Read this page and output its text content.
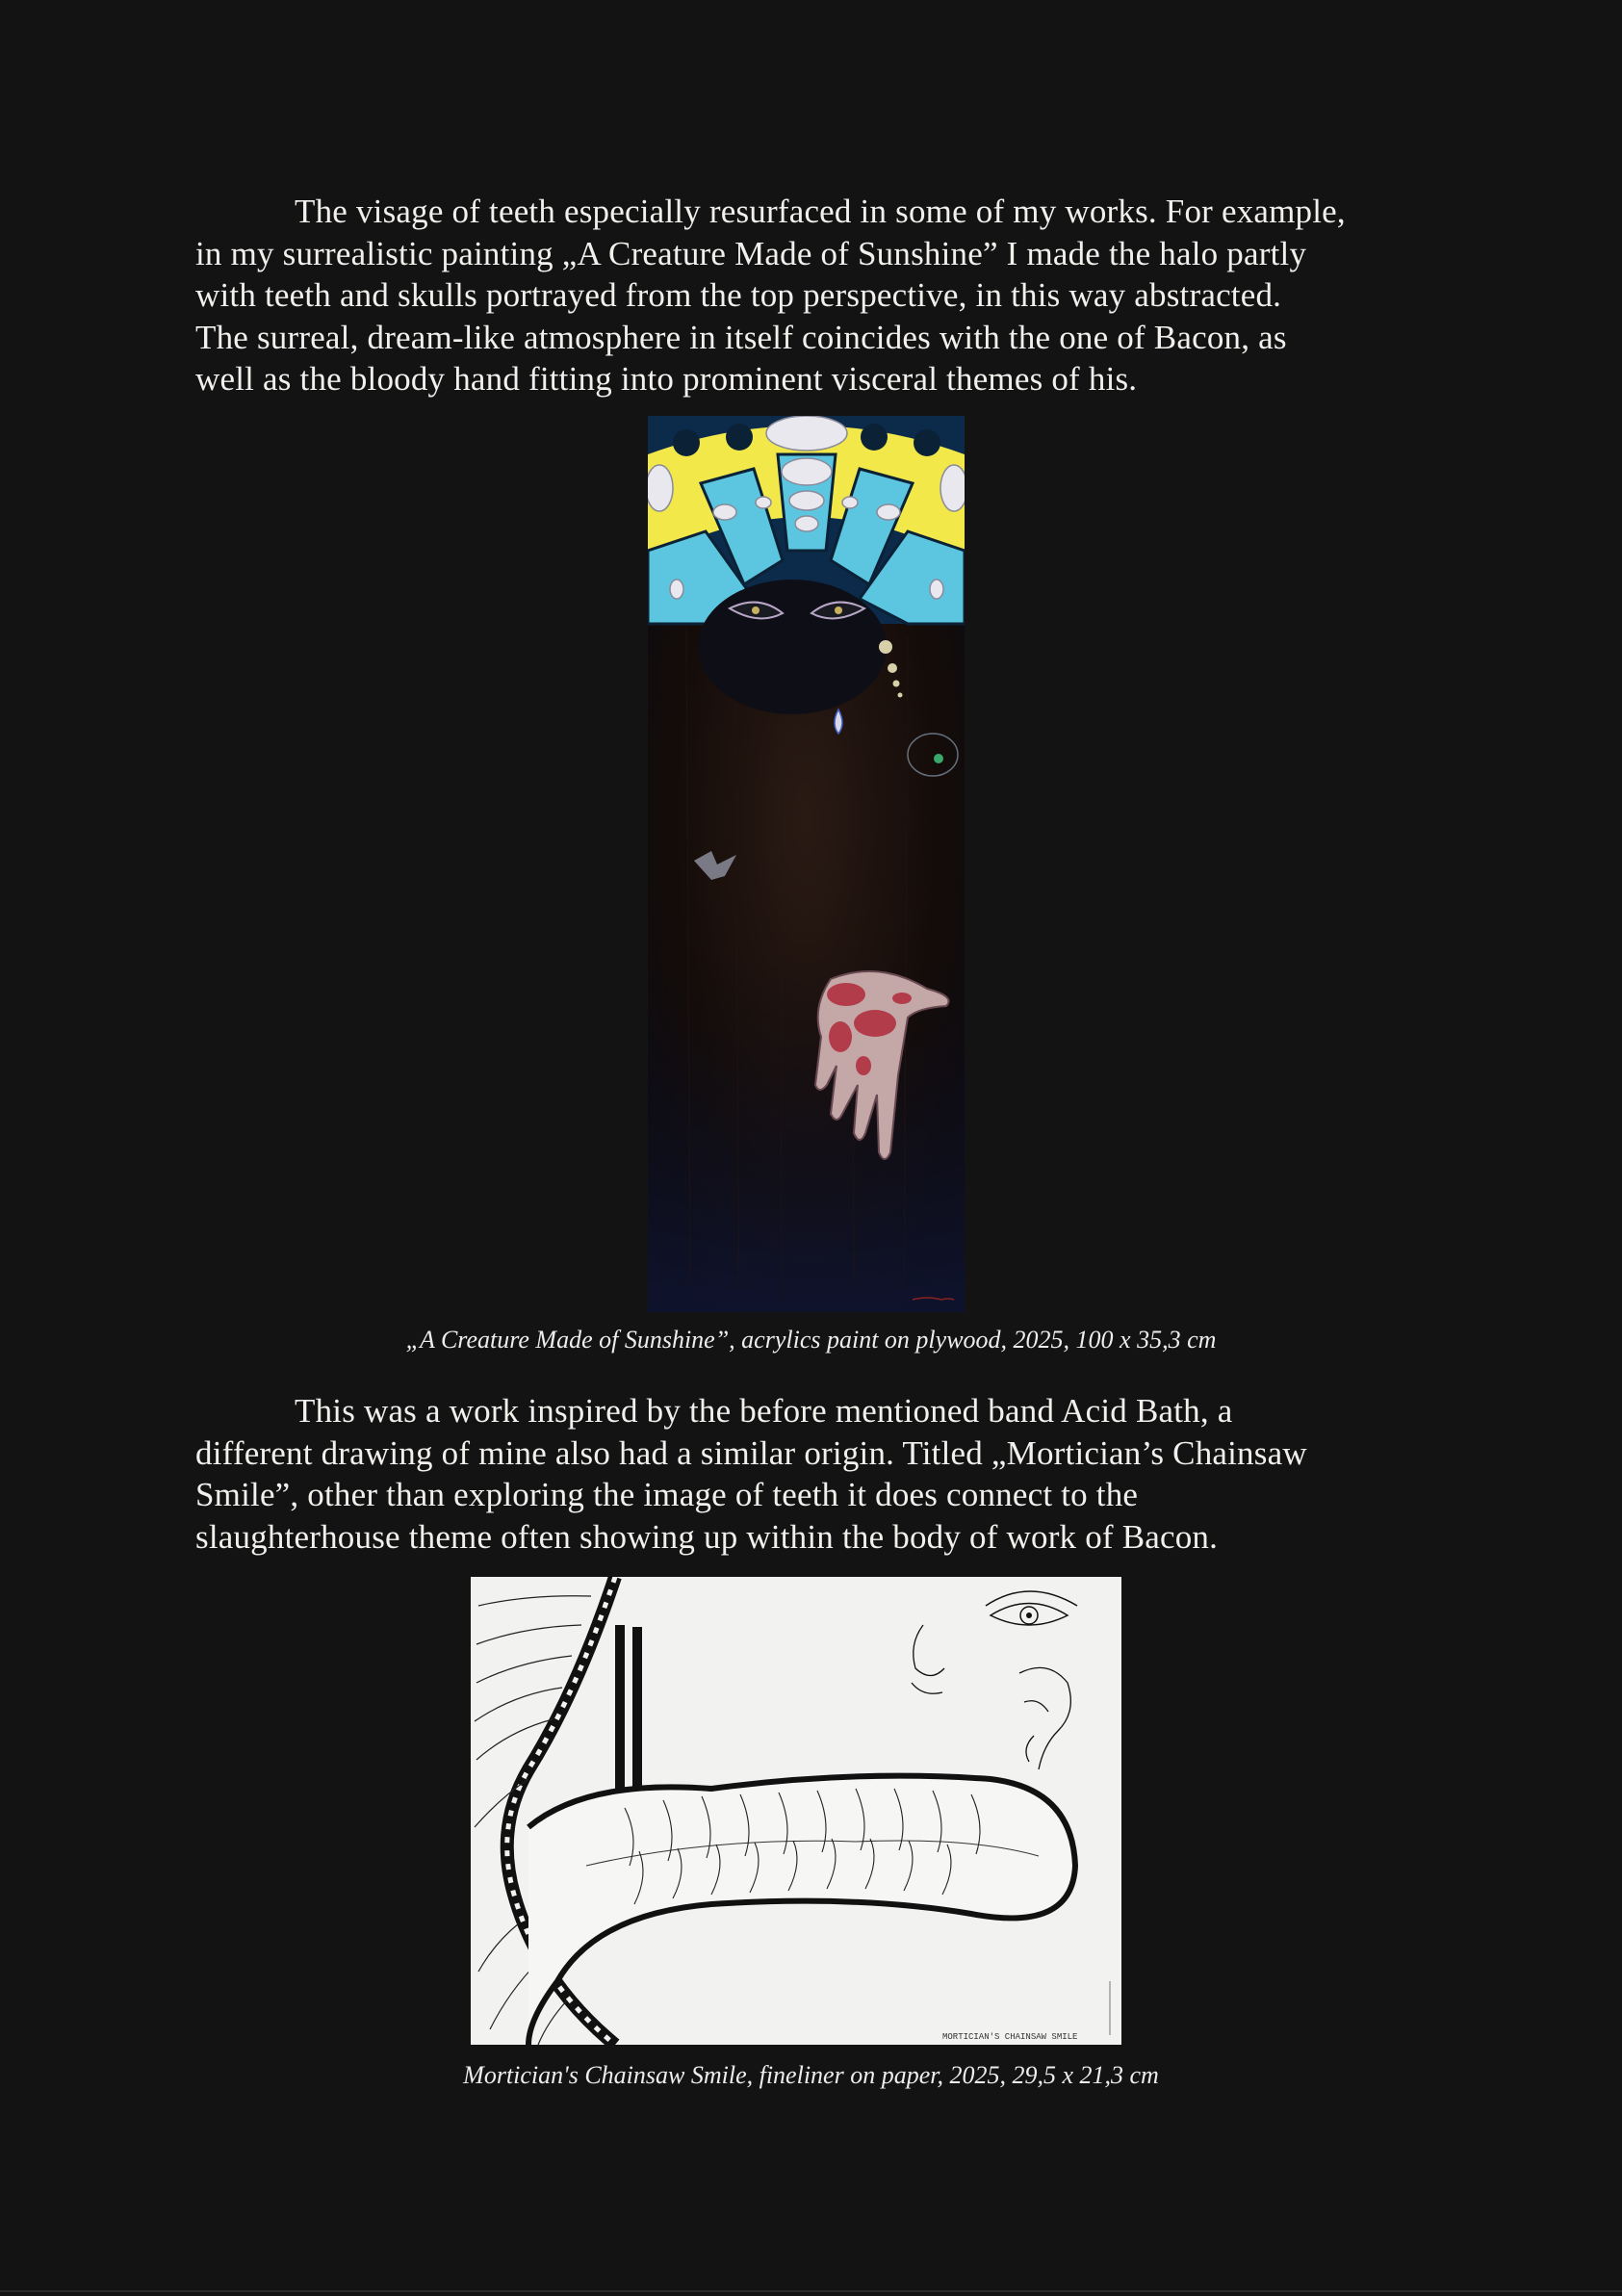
The visage of teeth especially resurfaced in some of my works. For example,
in my surrealistic painting „A Creature Made of Sunshine” I made the halo partly
with teeth and skulls portrayed from the top perspective, in this way abstracted.
The surreal, dream-like atmosphere in itself coincides with the one of Bacon, as
well as the bloody hand fitting into prominent visceral themes of his.

„A Creature Made of Sunshine”, acrylics paint on plywood, 2025, 100 x 35,3 cm

This was a work inspired by the before mentioned band Acid Bath, a
different drawing of mine also had a similar origin. Titled „Mortician’s Chainsaw
Smile”, other than exploring the image of teeth it does connect to the
slaughterhouse theme often showing up within the body of work of Bacon.

MORTICIAN'S CHAINSAW SMILE

Mortician's Chainsaw Smile, fineliner on paper, 2025, 29,5 x 21,3 cm
